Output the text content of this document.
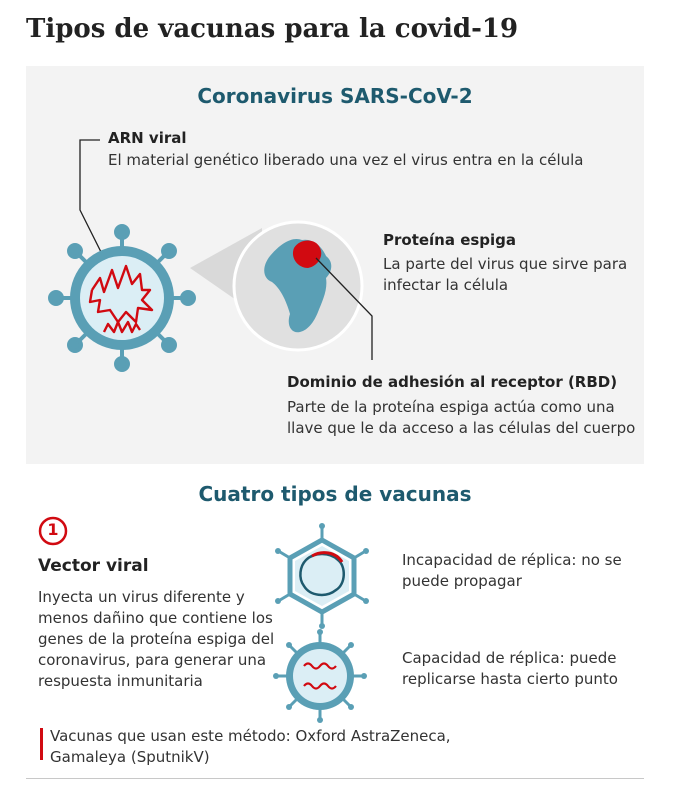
Tipos de vacunas para la covid-19
Coronavirus SARS-CoV-2
ARN viral
El material genético liberado una vez el virus entra en la célula
Proteína espiga
La parte del virus que sirve para infectar la célula
Dominio de adhesión al receptor (RBD)
Parte de la proteína espiga actúa como una llave que le da acceso a las células del cuerpo
Cuatro tipos de vacunas
1
Vector viral
Inyecta un virus diferente y menos dañino que contiene los genes de la proteína espiga del coronavirus, para generar una respuesta inmunitaria
Incapacidad de réplica: no se puede propagar
Capacidad de réplica: puede replicarse hasta cierto punto
Vacunas que usan este método: Oxford AstraZeneca, Gamaleya (SputnikV)
